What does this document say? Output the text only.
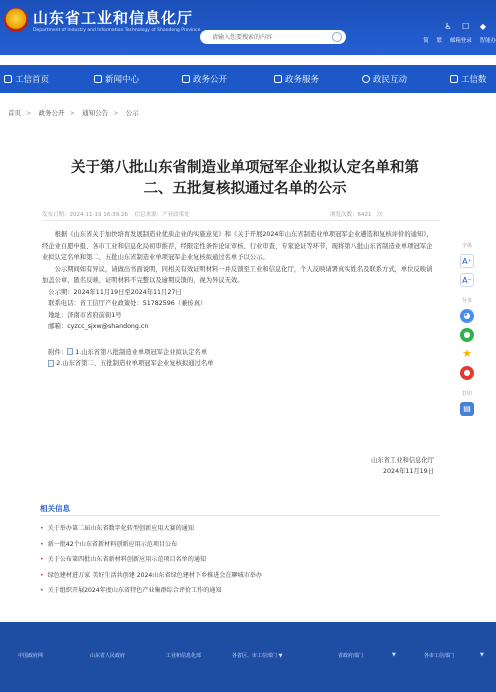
山东省工业和信息化厅
Department of Industry and Information Technology of Shandong Province	♿ ☐ ◆
请输入您要搜索的内容	简 繁 邮箱登录 智能办
工信首页	新闻中心	政务公开	政务服务	政民互动	工信数
首页 > 政务公开 > 通知公告 > 公示
关于第八批山东省制造业单项冠军企业拟认定名单和第
二、五批复核拟通过名单的公示
发布日期：2024-11-19 16:39:26 信息来源：产业政策处	浏览次数：6421　 次

根据《山东省关于加快培育发展制造业优质企业的实施意见》和《关于开展2024年山东省制造业单项冠军企业遴选和复核评价的通知》，经企业自愿申报、各市工业和信息化局初审推荐，经限定性条件论证审核、行业审查、专家论证等环节，现将第八批山东省制造业单项冠军企业拟认定名单和第二、五批山东省制造业单项冠军企业复核拟通过名单予以公示。

公示期间如有异议，请做出书面说明，同相关有效证明材料一并反馈至工业和信息化厅，个人反映请署真实姓名及联系方式，单位反映请加盖公章，匿名反映、证明材料不完整以及逾期反馈的，视为异议无效。

公示期：2024年11月19日至2024年11月27日

联系电话：省工信厅产业政策处：51782596（兼传真）

地址：济南市省府前街1号

邮箱：cyzcc_sjxw@shandong.cn

附件： 1.山东省第八批制造业单项冠军企业拟认定名单

2.山东省第二、五批制造业单项冠军企业复核拟通过名单

山东省工业和信息化厅
2024年11月19日
字体
A⁺
A⁻
分享
◕
●
★
●
打印
▤
相关信息
• 关于举办第二届山东省数字化转型创新应用大赛的通知
• 新一批42个山东省新材料创新应用示范项目公布
• 关于公布第四批山东省新材料创新应用示范项目名单的通知
• 绿色建材进万家 美好生活共创建 2024山东省绿色建材下乡推进会在聊城市举办
• 关于组织开展2024年度山东省特色产业集群综合评价工作的通知
中国政府网	山东省人民政府	工业和信息化部	各省区、市工信部门 ▼	省政府部门	▼	各市工信部门	▼
